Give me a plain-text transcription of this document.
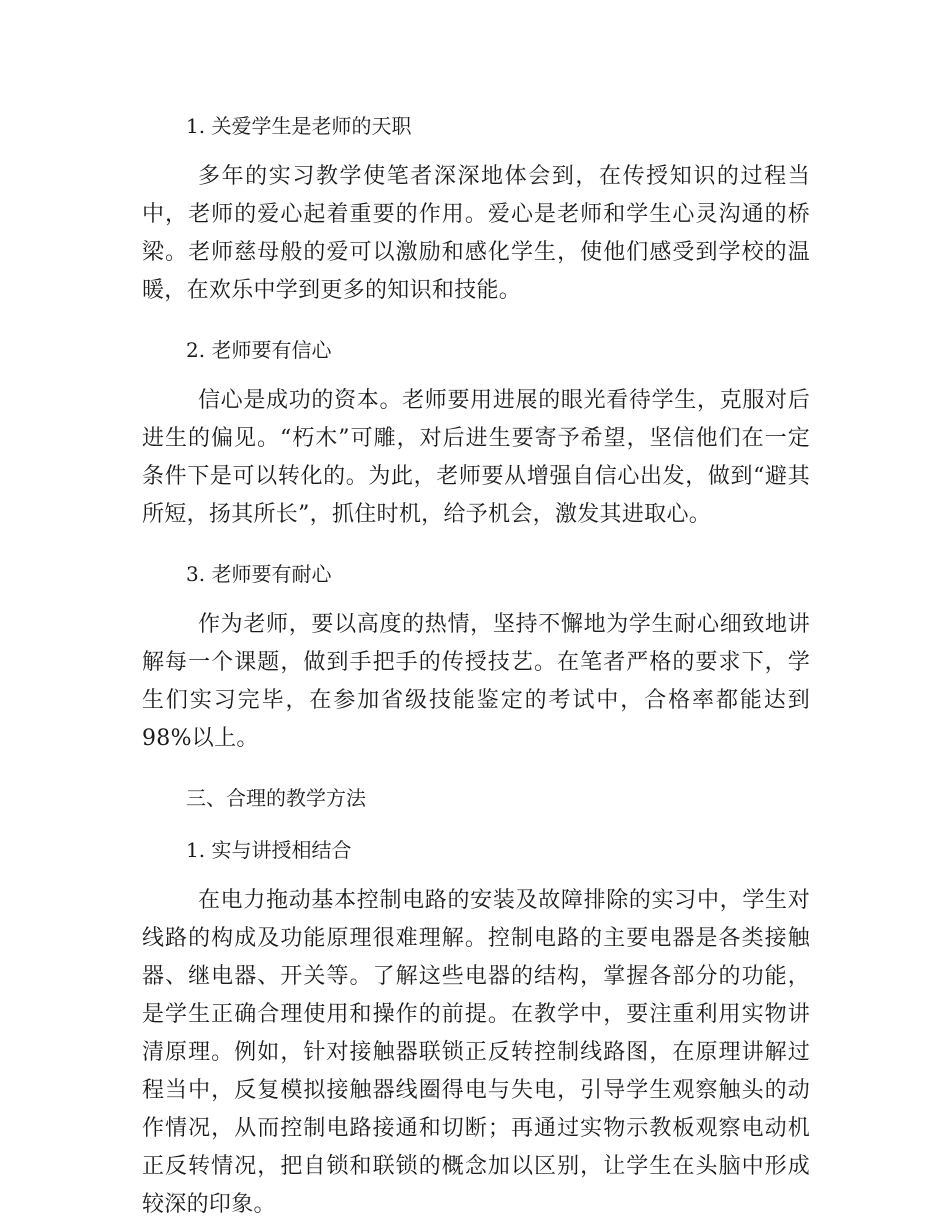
1. 关爱学生是老师的天职

多年的实习教学使笔者深深地体会到，在传授知识的过程当中，老师的爱心起着重要的作用。爱心是老师和学生心灵沟通的桥梁。老师慈母般的爱可以激励和感化学生，使他们感受到学校的温暖，在欢乐中学到更多的知识和技能。

2. 老师要有信心

信心是成功的资本。老师要用进展的眼光看待学生，克服对后进生的偏见。“朽木”可雕，对后进生要寄予希望，坚信他们在一定条件下是可以转化的。为此，老师要从增强自信心出发，做到“避其所短，扬其所长”，抓住时机，给予机会，激发其进取心。

3. 老师要有耐心

作为老师，要以高度的热情，坚持不懈地为学生耐心细致地讲解每一个课题，做到手把手的传授技艺。在笔者严格的要求下，学生们实习完毕，在参加省级技能鉴定的考试中，合格率都能达到98%以上。

三、合理的教学方法
1. 实与讲授相结合

在电力拖动基本控制电路的安装及故障排除的实习中，学生对线路的构成及功能原理很难理解。控制电路的主要电器是各类接触器、继电器、开关等。了解这些电器的结构，掌握各部分的功能，是学生正确合理使用和操作的前提。在教学中，要注重利用实物讲清原理。例如，针对接触器联锁正反转控制线路图，在原理讲解过程当中，反复模拟接触器线圈得电与失电，引导学生观察触头的动作情况，从而控制电路接通和切断；再通过实物示教板观察电动机正反转情况，把自锁和联锁的概念加以区别，让学生在头脑中形成较深的印象。
